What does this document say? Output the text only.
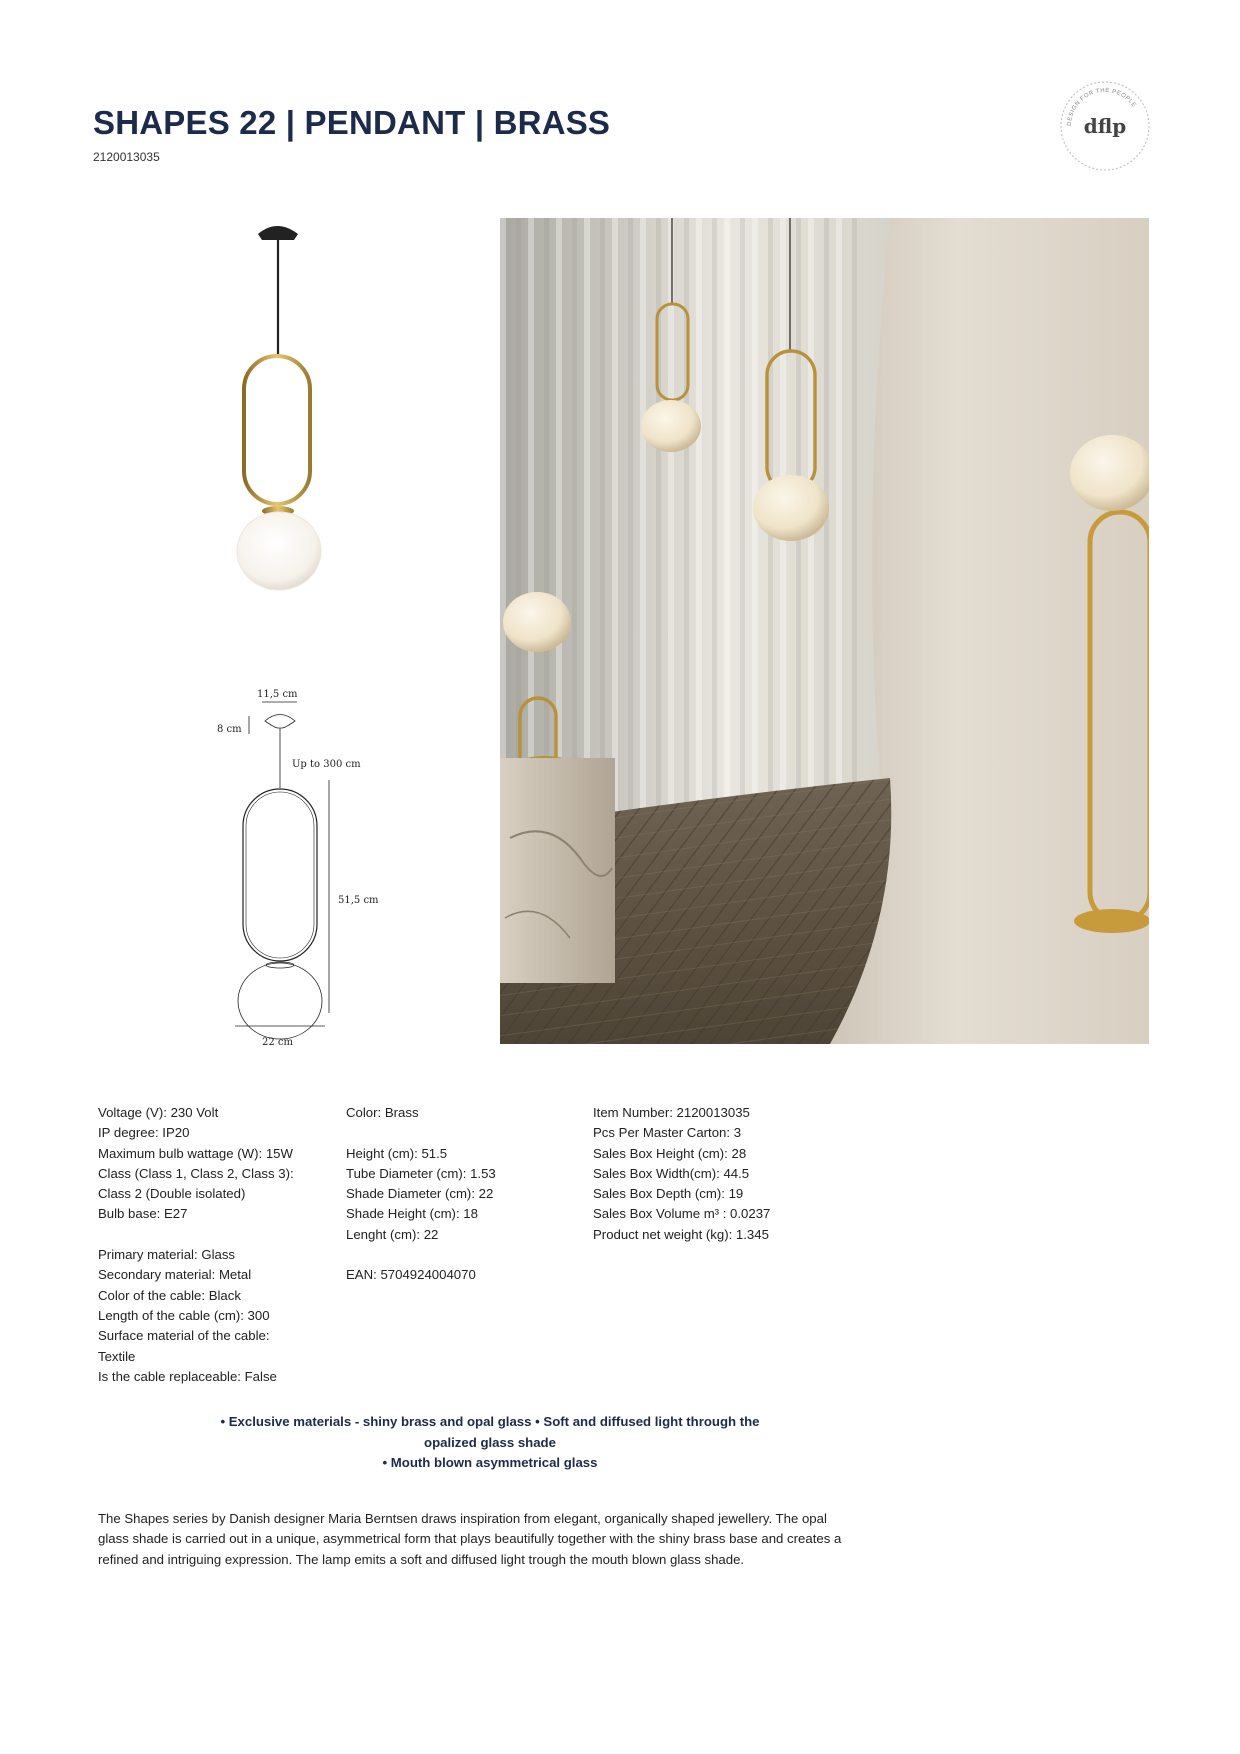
SHAPES 22 | PENDANT | BRASS
2120013035
DESIGN FOR THE PEOPLE
dflp
11,5 cm
8 cm
Up to 300 cm
51,5 cm
22 cm
Voltage (V): 230 Volt
IP degree: IP20
Maximum bulb wattage (W): 15W
Class (Class 1, Class 2, Class 3):
Class 2 (Double isolated)
Bulb base: E27
Primary material: Glass
Secondary material: Metal
Color of the cable: Black
Length of the cable (cm): 300
Surface material of the cable:
Textile
Is the cable replaceable: False
Color: Brass
Height (cm): 51.5
Tube Diameter (cm): 1.53
Shade Diameter (cm): 22
Shade Height (cm): 18
Lenght (cm): 22
EAN: 5704924004070
Item Number: 2120013035
Pcs Per Master Carton: 3
Sales Box Height (cm): 28
Sales Box Width(cm): 44.5
Sales Box Depth (cm): 19
Sales Box Volume m³ : 0.0237
Product net weight (kg): 1.345
• Exclusive materials - shiny brass and opal glass • Soft and diffused light through the
opalized glass shade
• Mouth blown asymmetrical glass
The Shapes series by Danish designer Maria Berntsen draws inspiration from elegant, organically shaped jewellery. The opal
glass shade is carried out in a unique, asymmetrical form that plays beautifully together with the shiny brass base and creates a
refined and intriguing expression. The lamp emits a soft and diffused light trough the mouth blown glass shade.
